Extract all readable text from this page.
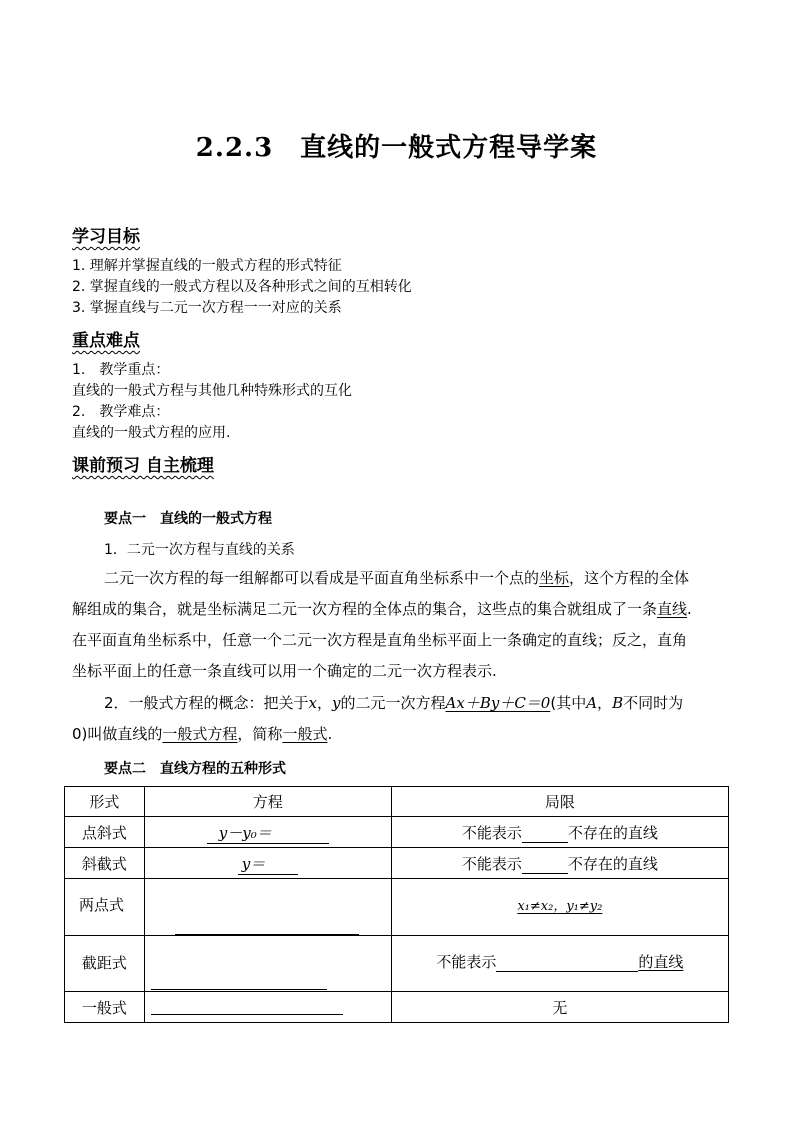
2.2.3　直线的一般式方程导学案
学习目标
1. 理解并掌握直线的一般式方程的形式特征
2. 掌握直线的一般式方程以及各种形式之间的互相转化
3. 掌握直线与二元一次方程一一对应的关系
重点难点
1.　教学重点：
直线的一般式方程与其他几种特殊形式的互化
2.　教学难点：
直线的一般式方程的应用.
课前预习 自主梳理
要点一　直线的一般式方程
1．二元一次方程与直线的关系
二元一次方程的每一组解都可以看成是平面直角坐标系中一个点的坐标，这个方程的全体
解组成的集合，就是坐标满足二元一次方程的全体点的集合，这些点的集合就组成了一条直线.
在平面直角坐标系中，任意一个二元一次方程是直角坐标平面上一条确定的直线；反之，直角
坐标平面上的任意一条直线可以用一个确定的二元一次方程表示.
2．一般式方程的概念：把关于x，y的二元一次方程Ax＋By＋C＝0(其中A，B不同时为
0)叫做直线的一般式方程，简称一般式.
要点二　直线方程的五种形式
形式	方程	局限

点斜式	y－y₀＝	不能表示 不存在的直线

斜截式	y＝	不能表示 不存在的直线

两点式		x₁≠x₂，y₁≠y₂

截距式		不能表示 的直线

一般式		无
